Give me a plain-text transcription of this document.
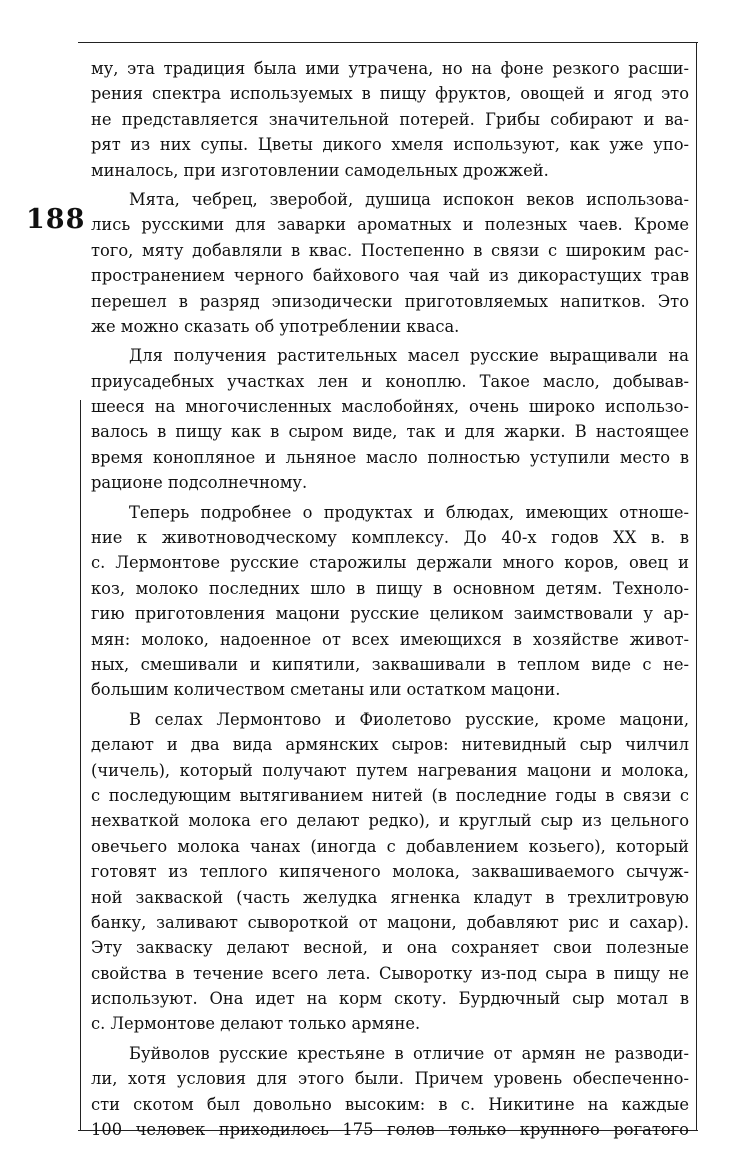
188
му, эта традиция была ими утрачена, но на фоне резкого расши-
рения спектра используемых в пищу фруктов, овощей и ягод это
не представляется значительной потерей. Грибы собирают и ва-
рят из них супы. Цветы дикого хмеля используют, как уже упо-
миналось, при изготовлении самодельных дрожжей.
Мята, чебрец, зверобой, душица испокон веков использова-
лись русскими для заварки ароматных и полезных чаев. Кроме
того, мяту добавляли в квас. Постепенно в связи с широким рас-
пространением черного байхового чая чай из дикорастущих трав
перешел в разряд эпизодически приготовляемых напитков. Это
же можно сказать об употреблении кваса.
Для получения растительных масел русские выращивали на
приусадебных участках лен и коноплю. Такое масло, добывав-
шееся на многочисленных маслобойнях, очень широко использо-
валось в пищу как в сыром виде, так и для жарки. В настоящее
время конопляное и льняное масло полностью уступили место в
рационе подсолнечному.
Теперь подробнее о продуктах и блюдах, имеющих отноше-
ние к животноводческому комплексу. До 40-х годов XX в. в
с. Лермонтове русские старожилы держали много коров, овец и
коз, молоко последних шло в пищу в основном детям. Техноло-
гию приготовления мацони русские целиком заимствовали у ар-
мян: молоко, надоенное от всех имеющихся в хозяйстве живот-
ных, смешивали и кипятили, заквашивали в теплом виде с не-
большим количеством сметаны или остатком мацони.
В селах Лермонтово и Фиолетово русские, кроме мацони,
делают и два вида армянских сыров: нитевидный сыр чилчил
(чичель), который получают путем нагревания мацони и молока,
с последующим вытягиванием нитей (в последние годы в связи с
нехваткой молока его делают редко), и круглый сыр из цельного
овечьего молока чанах (иногда с добавлением козьего), который
готовят из теплого кипяченого молока, заквашиваемого сычуж-
ной закваской (часть желудка ягненка кладут в трехлитровую
банку, заливают сывороткой от мацони, добавляют рис и сахар).
Эту закваску делают весной, и она сохраняет свои полезные
свойства в течение всего лета. Сыворотку из-под сыра в пищу не
используют. Она идет на корм скоту. Бурдючный сыр мотал в
с. Лермонтове делают только армяне.
Буйволов русские крестьяне в отличие от армян не разводи-
ли, хотя условия для этого были. Причем уровень обеспеченно-
сти скотом был довольно высоким: в с. Никитине на каждые
100 человек приходилось 175 голов только крупного рогатого
